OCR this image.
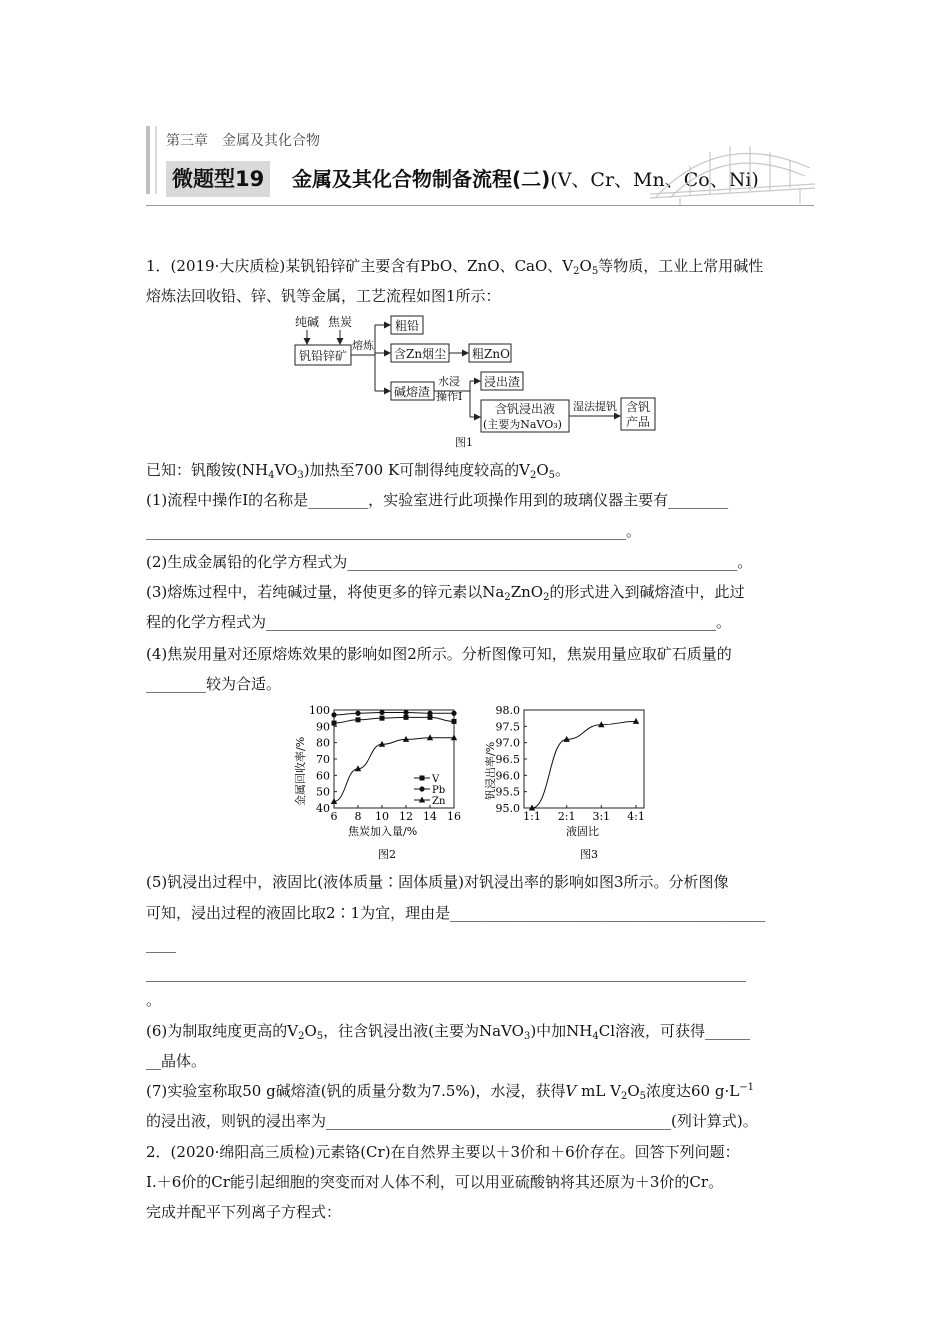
第三章　金属及其化合物
微题型19	金属及其化合物制备流程(二)(V、Cr、Mn、Co、Ni)
1．(2019·大庆质检)某钒铅锌矿主要含有PbO、ZnO、CaO、$V_2O_5$等物质，工业上常用碱性
熔炼法回收铅、锌、钒等金属，工艺流程如图1所示：
纯碱 焦炭
钒铅锌矿
熔炼
粗铅
含Zn烟尘 粗ZnO
碱熔渣
水浸
操作Ⅰ
浸出渣
含钒浸出液
(主要为NaVO₃)
湿法提钒 含钒
产品
图1
已知：钒酸铵$(NH_4VO_3)$加热至700 K可制得纯度较高的$V_2O_5$。
(1)流程中操作Ⅰ的名称是________，实验室进行此项操作用到的玻璃仪器主要有________
________________________________________________________________。
(2)生成金属铅的化学方程式为____________________________________________________。
(3)熔炼过程中，若纯碱过量，将使更多的锌元素以$Na_2ZnO_2$的形式进入到碱熔渣中，此过
程的化学方程式为____________________________________________________________。
(4)焦炭用量对还原熔炼效果的影响如图2所示。分析图像可知，焦炭用量应取矿石质量的
________较为合适。
金属回收率/%
焦炭加入量/%
图2
40
50
60
70
80
90
100
6 8 10 12 14 16
V
Pb
Zn
钒浸出率/%
液固比
图3
95.0
95.5
96.0
96.5
97.0
97.5
98.0
1:1 2:1 3:1 4:1
(5)钒浸出过程中，液固比(液体质量∶固体质量)对钒浸出率的影响如图3所示。分析图像
可知，浸出过程的液固比取2∶1为宜，理由是__________________________________________
____
________________________________________________________________________________
。
(6)为制取纯度更高的$V_2O_5$，往含钒浸出液(主要为NaVO$_3$)中加$NH_4Cl$溶液，可获得______
__晶体。
(7)实验室称取50 g碱熔渣(钒的质量分数为7.5%)，水浸，获得V mL $V_2O_5$浓度达60 $g\cdot L^{-1}$
的浸出液，则钒的浸出率为______________________________________________(列计算式)。
2．(2020·绵阳高三质检)元素铬(Cr)在自然界主要以＋3价和＋6价存在。回答下列问题：
Ⅰ.＋6价的Cr能引起细胞的突变而对人体不利，可以用亚硫酸钠将其还原为＋3价的Cr。
完成并配平下列离子方程式：
